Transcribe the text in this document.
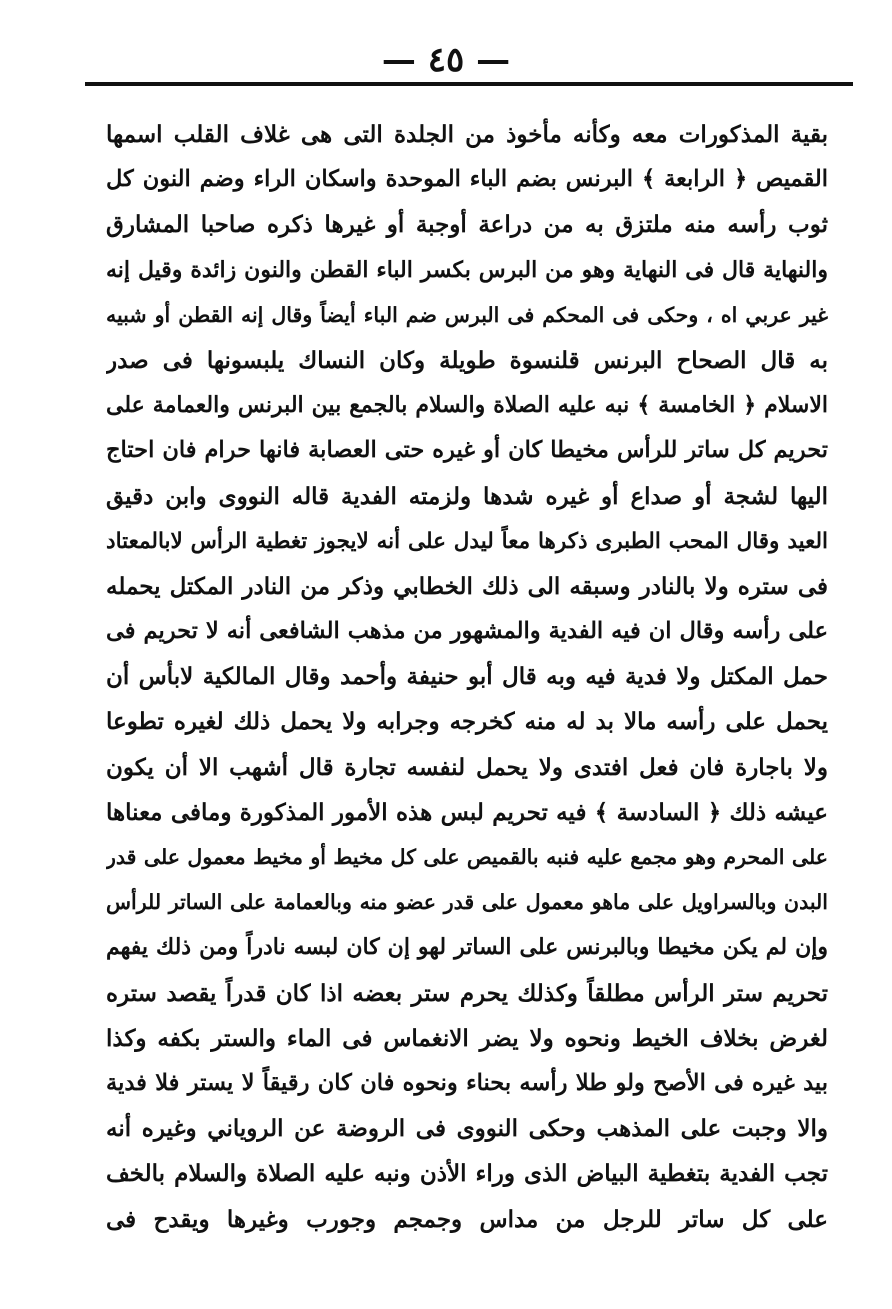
— ٤٥ —
بقية المذكورات معه وكأنه مأخوذ من الجلدة التى هى غلاف القلب اسمها
القميص ﴿ الرابعة ﴾ البرنس بضم الباء الموحدة واسكان الراء وضم النون كل
ثوب رأسه منه ملتزق به من دراعة أوجبة أو غيرها ذكره صاحبا المشارق
والنهاية قال فى النهاية وهو من البرس بكسر الباء القطن والنون زائدة وقيل إنه
غير عربي اه ، وحكى فى المحكم فى البرس ضم الباء أيضاً وقال إنه القطن أو شبيه
به قال الصحاح البرنس قلنسوة طويلة وكان النساك يلبسونها فى صدر
الاسلام ﴿ الخامسة ﴾ نبه عليه الصلاة والسلام بالجمع بين البرنس والعمامة على
تحريم كل ساتر للرأس مخيطا كان أو غيره حتى العصابة فانها حرام فان احتاج
اليها لشجة أو صداع أو غيره شدها ولزمته الفدية قاله النووى وابن دقيق
العيد وقال المحب الطبرى ذكرها معاً ليدل على أنه لايجوز تغطية الرأس لابالمعتاد
فى ستره ولا بالنادر وسبقه الى ذلك الخطابي وذكر من النادر المكتل يحمله
على رأسه وقال ان فيه الفدية والمشهور من مذهب الشافعى أنه لا تحريم فى
حمل المكتل ولا فدية فيه وبه قال أبو حنيفة وأحمد وقال المالكية لابأس أن
يحمل على رأسه مالا بد له منه كخرجه وجرابه ولا يحمل ذلك لغيره تطوعا
ولا باجارة فان فعل افتدى ولا يحمل لنفسه تجارة قال أشهب الا أن يكون
عيشه ذلك ﴿ السادسة ﴾ فيه تحريم لبس هذه الأمور المذكورة ومافى معناها
على المحرم وهو مجمع عليه فنبه بالقميص على كل مخيط أو مخيط معمول على قدر
البدن وبالسراويل على ماهو معمول على قدر عضو منه وبالعمامة على الساتر للرأس
وإن لم يكن مخيطا وبالبرنس على الساتر لهو إن كان لبسه نادراً ومن ذلك يفهم
تحريم ستر الرأس مطلقاً وكذلك يحرم ستر بعضه اذا كان قدراً يقصد ستره
لغرض بخلاف الخيط ونحوه ولا يضر الانغماس فى الماء والستر بكفه وكذا
بيد غيره فى الأصح ولو طلا رأسه بحناء ونحوه فان كان رقيقاً لا يستر فلا فدية
والا وجبت على المذهب وحكى النووى فى الروضة عن الروياني وغيره أنه
تجب الفدية بتغطية البياض الذى وراء الأذن ونبه عليه الصلاة والسلام بالخف
على كل ساتر للرجل من مداس وجمجم وجورب وغيرها ويقدح فى
